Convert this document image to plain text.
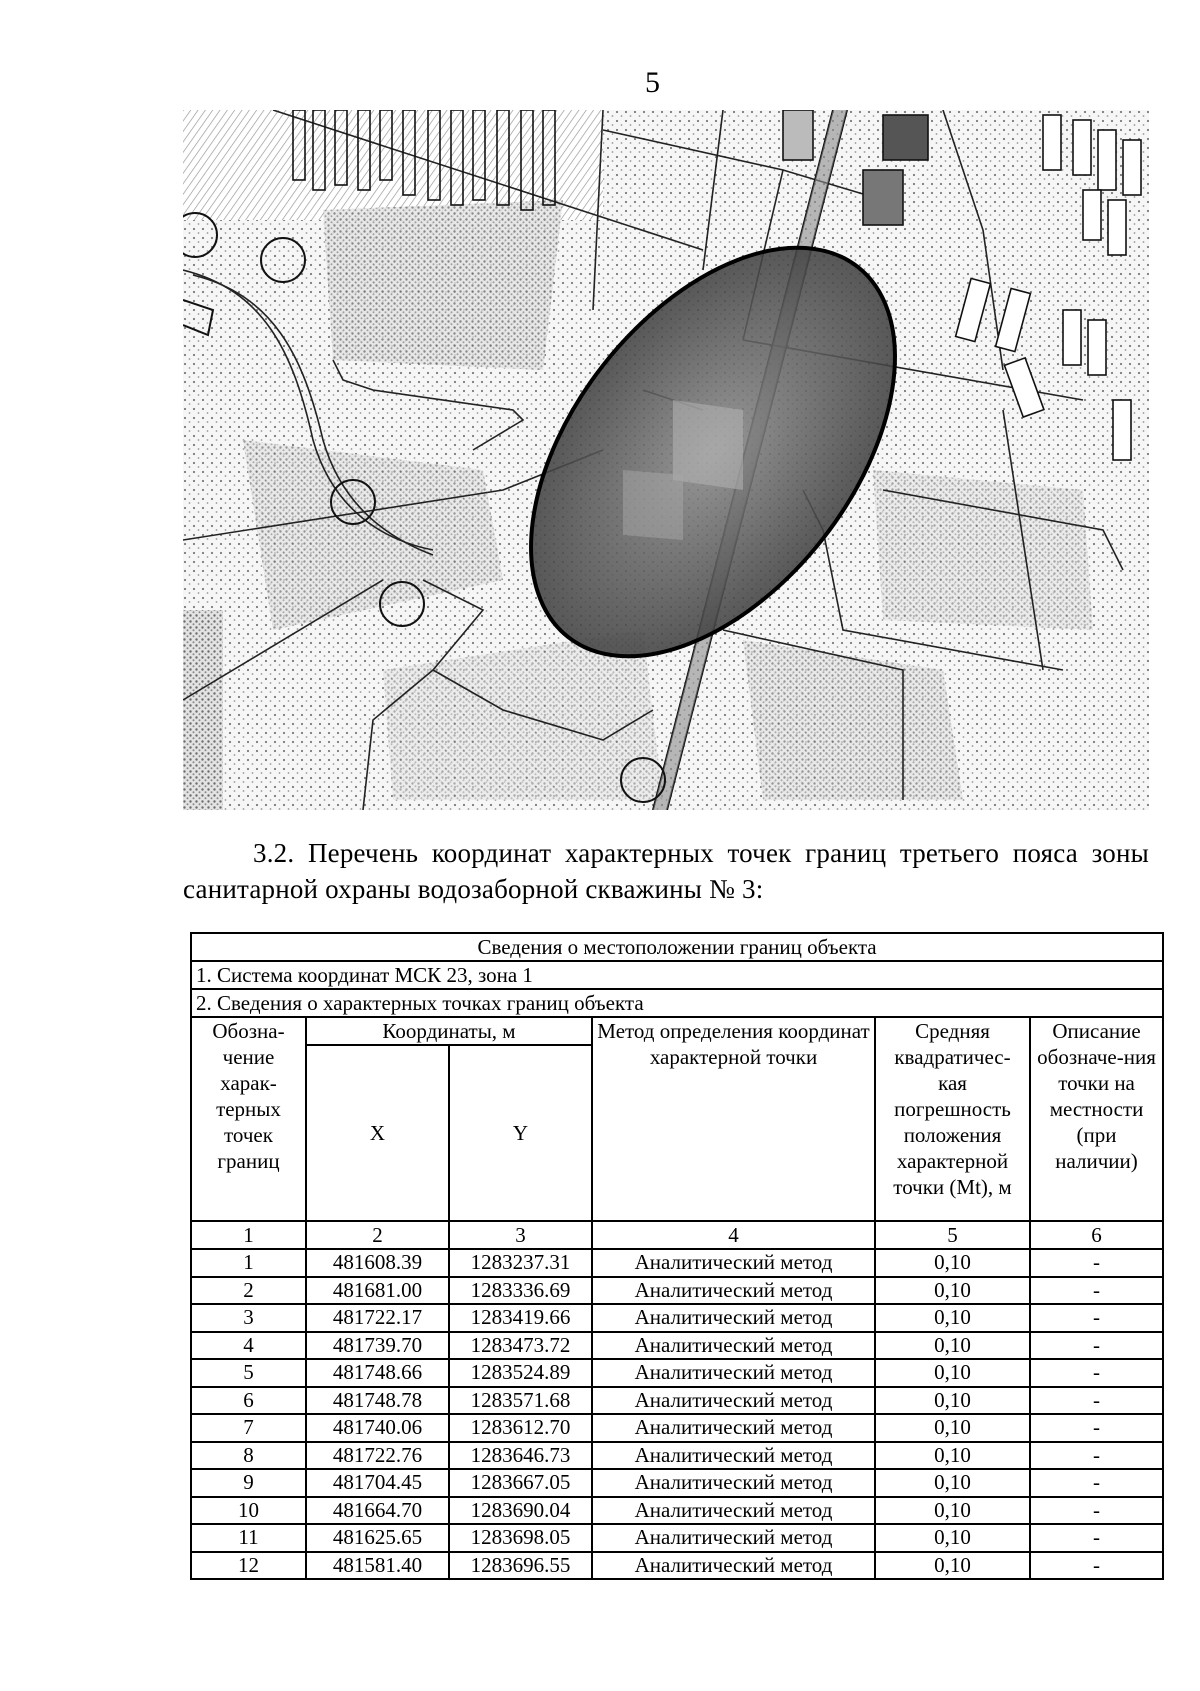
5
3.2. Перечень координат характерных точек границ третьего пояса зоны санитарной охраны водозаборной скважины № 3:
Сведения о местоположении границ объекта					
1. Система координат МСК 23, зона 1					
2. Сведения о характерных точках границ объекта					
Обозна-чение харак-терных точек границ	Координаты, м		Метод определения координат характерной точки	Средняя квадратичес-кая погрешность положения характерной точки (Mt), м	Описание обозначе-ния точки на местности (при наличии)
	X	Y			
1	2	3	4	5	6
1	481608.39	1283237.31	Аналитический метод	0,10	-
2	481681.00	1283336.69	Аналитический метод	0,10	-
3	481722.17	1283419.66	Аналитический метод	0,10	-
4	481739.70	1283473.72	Аналитический метод	0,10	-
5	481748.66	1283524.89	Аналитический метод	0,10	-
6	481748.78	1283571.68	Аналитический метод	0,10	-
7	481740.06	1283612.70	Аналитический метод	0,10	-
8	481722.76	1283646.73	Аналитический метод	0,10	-
9	481704.45	1283667.05	Аналитический метод	0,10	-
10	481664.70	1283690.04	Аналитический метод	0,10	-
11	481625.65	1283698.05	Аналитический метод	0,10	-
12	481581.40	1283696.55	Аналитический метод	0,10	-
